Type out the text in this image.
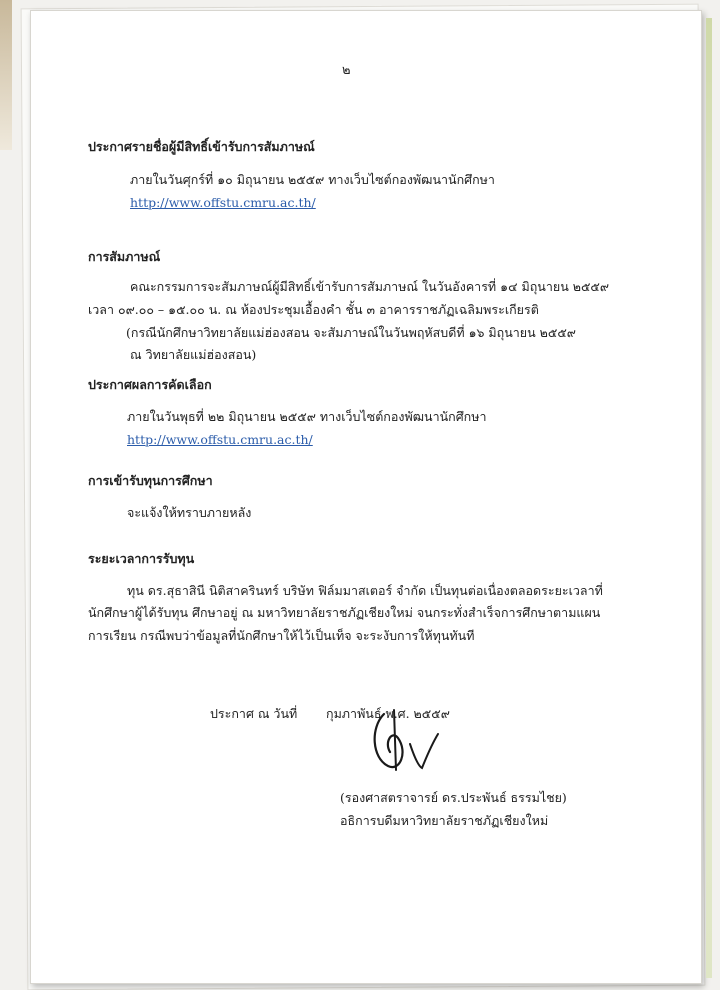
๒
ประกาศรายชื่อผู้มีสิทธิ์เข้ารับการสัมภาษณ์
ภายในวันศุกร์ที่ ๑๐ มิถุนายน ๒๕๕๙ ทางเว็บไซต์กองพัฒนานักศึกษา
http://www.offstu.cmru.ac.th/
การสัมภาษณ์
คณะกรรมการจะสัมภาษณ์ผู้มีสิทธิ์เข้ารับการสัมภาษณ์ ในวันอังคารที่ ๑๔ มิถุนายน ๒๕๕๙
เวลา ๐๙.๐๐ – ๑๕.๐๐ น. ณ ห้องประชุมเอื้องคำ ชั้น ๓ อาคารราชภัฏเฉลิมพระเกียรติ
(กรณีนักศึกษาวิทยาลัยแม่ฮ่องสอน จะสัมภาษณ์ในวันพฤหัสบดีที่ ๑๖ มิถุนายน ๒๕๕๙
ณ วิทยาลัยแม่ฮ่องสอน)
ประกาศผลการคัดเลือก
ภายในวันพุธที่ ๒๒ มิถุนายน ๒๕๕๙ ทางเว็บไซต์กองพัฒนานักศึกษา
http://www.offstu.cmru.ac.th/
การเข้ารับทุนการศึกษา
จะแจ้งให้ทราบภายหลัง
ระยะเวลาการรับทุน
ทุน ดร.สุธาสินี นิติสาครินทร์ บริษัท ฟิล์มมาสเตอร์ จำกัด เป็นทุนต่อเนื่องตลอดระยะเวลาที่
นักศึกษาผู้ได้รับทุน ศึกษาอยู่ ณ มหาวิทยาลัยราชภัฏเชียงใหม่ จนกระทั่งสำเร็จการศึกษาตามแผน
การเรียน กรณีพบว่าข้อมูลที่นักศึกษาให้ไว้เป็นเท็จ จะระงับการให้ทุนทันที
ประกาศ ณ วันที่ กุมภาพันธ์ พ.ศ. ๒๕๕๙
(รองศาสตราจารย์ ดร.ประพันธ์ ธรรมไชย)
อธิการบดีมหาวิทยาลัยราชภัฏเชียงใหม่
